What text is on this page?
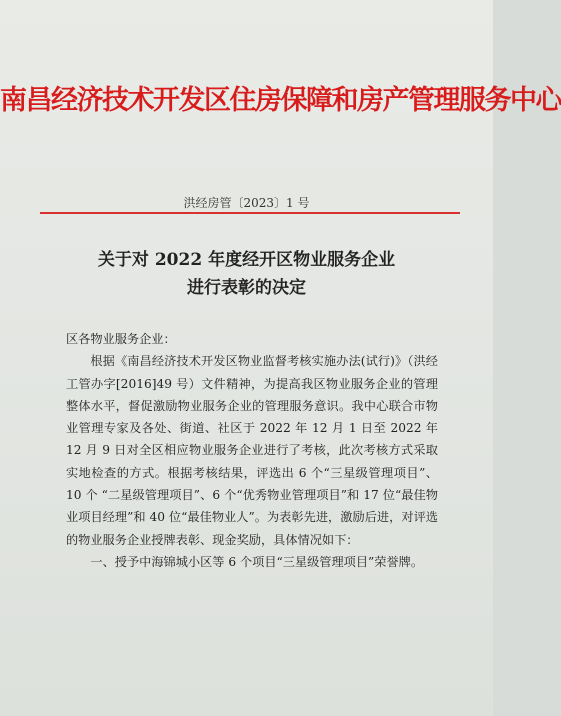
南昌经济技术开发区住房保障和房产管理服务中心
洪经房管〔2023〕1 号
关于对 2022 年度经开区物业服务企业
进行表彰的决定

区各物业服务企业：

根据《南昌经济技术开发区物业监督考核实施办法(试行)》（洪经工管办字[2016]49 号）文件精神，为提高我区物业服务企业的管理整体水平，督促激励物业服务企业的管理服务意识。我中心联合市物业管理专家及各处、街道、社区于 2022 年 12 月 1 日至 2022 年 12 月 9 日对全区相应物业服务企业进行了考核，此次考核方式采取实地检查的方式。根据考核结果，评选出 6 个“三星级管理项目”、10 个 “二星级管理项目”、6 个“优秀物业管理项目”和 17 位“最佳物业项目经理”和 40 位“最佳物业人”。为表彰先进，激励后进，对评选的物业服务企业授牌表彰、现金奖励，具体情况如下：

一、授予中海锦城小区等 6 个项目“三星级管理项目”荣誉牌。
